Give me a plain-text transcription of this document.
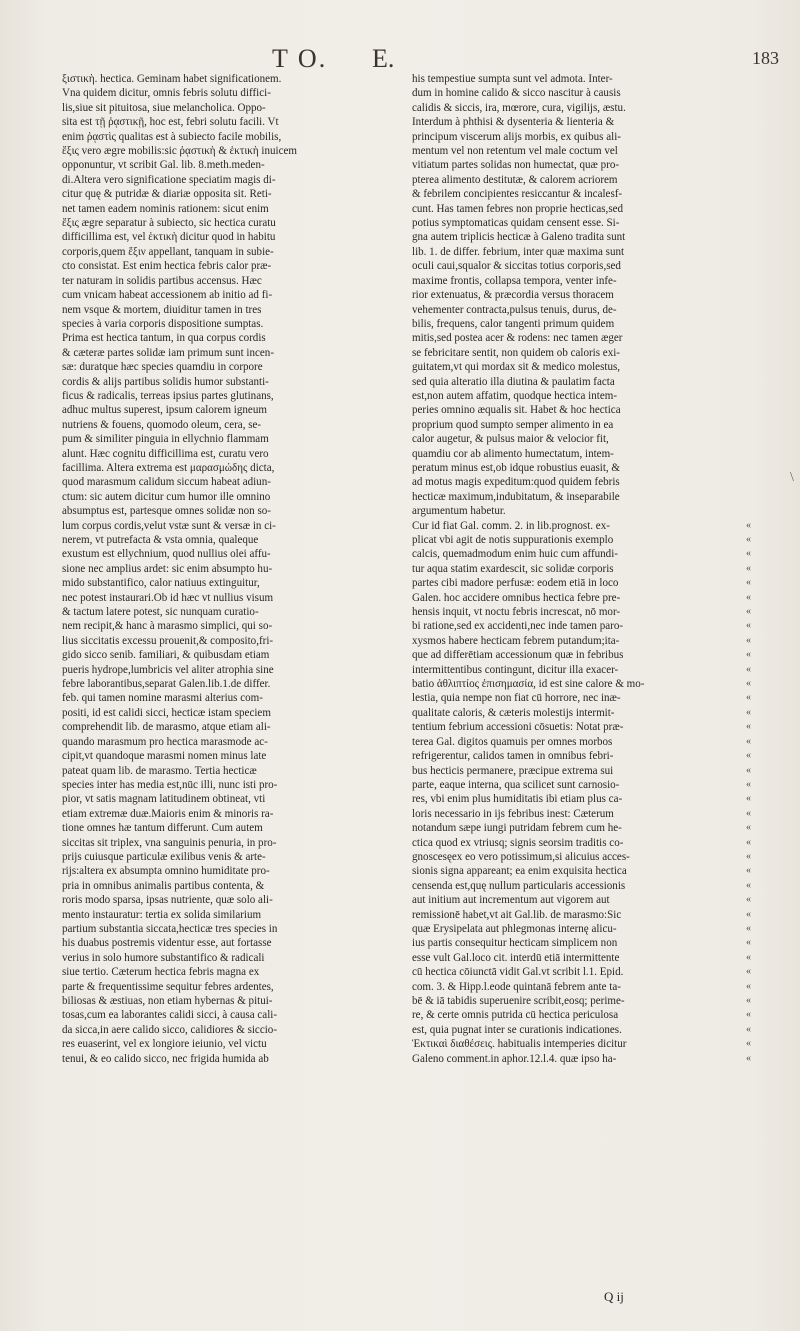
T O. E.	183
ξιστικὴ. hectica. Geminam habet significationem.
Vna quidem dicitur, omnis febris solutu diffici-
lis,siue sit pituitosa, siue melancholica. Oppo-
sita est τῇ ῥᾳστικῇ, hoc est, febri solutu facili. Vt
enim ῥᾳστὶς qualitas est à subiecto facile mobilis,
ἕξις vero ægre mobilis:sic ῥᾳστικὴ & ἑκτικὴ inuicem
opponuntur, vt scribit Gal. lib. 8.meth.meden-
di.Altera vero significatione speciatim magis di-
citur quę & putridæ & diariæ opposita sit. Reti-
net tamen eadem nominis rationem: sicut enim
ἕξις ægre separatur à subiecto, sic hectica curatu
difficillima est, vel ἑκτικὴ dicitur quod in habitu
corporis,quem ἕξιν appellant, tanquam in subie-
cto consistat. Est enim hectica febris calor præ-
ter naturam in solidis partibus accensus. Hæc
cum vnicam habeat accessionem ab initio ad fi-
nem vsque & mortem, diuiditur tamen in tres
species à varia corporis dispositione sumptas.
Prima est hectica tantum, in qua corpus cordis
& cæteræ partes solidæ iam primum sunt incen-
sæ: duratque hæc species quamdiu in corpore
cordis & alijs partibus solidis humor substanti-
ficus & radicalis, terreas ipsius partes glutinans,
adhuc multus superest, ipsum calorem igneum
nutriens & fouens, quomodo oleum, cera, se-
pum & similiter pinguia in ellychnio flammam
alunt. Hæc cognitu difficillima est, curatu vero
facillima. Altera extrema est μαρασμώδης dicta,
quod marasmum calidum siccum habeat adiun-
ctum: sic autem dicitur cum humor ille omnino
absumptus est, partesque omnes solidæ non so-
lum corpus cordis,velut vstæ sunt & versæ in ci-
nerem, vt putrefacta & vsta omnia, qualeque
exustum est ellychnium, quod nullius olei affu-
sione nec amplius ardet: sic enim absumpto hu-
mido substantifico, calor natiuus extinguitur,
nec potest instaurari.Ob id hæc vt nullius visum
& tactum latere potest, sic nunquam curatio-
nem recipit,& hanc à marasmo simplici, qui so-
lius siccitatis excessu prouenit,& composito,fri-
gido sicco senib. familiari, & quibusdam etiam
pueris hydrope,lumbricis vel aliter atrophia sine
febre laborantibus,separat Galen.lib.1.de differ.
feb. qui tamen nomine marasmi alterius com-
positi, id est calidi sicci, hecticæ istam speciem
comprehendit lib. de marasmo, atque etiam ali-
quando marasmum pro hectica marasmode ac-
cipit,vt quandoque marasmi nomen minus late
pateat quam lib. de marasmo. Tertia hecticæ
species inter has media est,nūc illi, nunc isti pro-
pior, vt satis magnam latitudinem obtineat, vti
etiam extremæ duæ.Maioris enim & minoris ra-
tione omnes hæ tantum differunt. Cum autem
siccitas sit triplex, vna sanguinis penuria, in pro-
prijs cuiusque particulæ exilibus venis & arte-
rijs:altera ex absumpta omnino humiditate pro-
pria in omnibus animalis partibus contenta, &
roris modo sparsa, ipsas nutriente, quæ solo ali-
mento instauratur: tertia ex solida similarium
partium substantia siccata,hecticæ tres species in
his duabus postremis videntur esse, aut fortasse
verius in solo humore substantifico & radicali
siue tertio. Cæterum hectica febris magna ex
parte & frequentissime sequitur febres ardentes,
biliosas & æstiuas, non etiam hybernas & pitui-
tosas,cum ea laborantes calidi sicci, à causa cali-
da sicca,in aere calido sicco, calidiores & siccio-
res euaserint, vel ex longiore ieiunio, vel victu
tenui, & eo calido sicco, nec frigida humida ab
his tempestiue sumpta sunt vel admota. Inter-
dum in homine calido & sicco nascitur à causis
calidis & siccis, ira, mœrore, cura, vigilijs, æstu.
Interdum à phthisi & dysenteria & lienteria &
principum viscerum alijs morbis, ex quibus ali-
mentum vel non retentum vel male coctum vel
vitiatum partes solidas non humectat, quæ pro-
pterea alimento destitutæ, & calorem acriorem
& febrilem concipientes resiccantur & incalesf-
cunt. Has tamen febres non proprie hecticas,sed
potius symptomaticas quidam censent esse. Si-
gna autem triplicis hecticæ à Galeno tradita sunt
lib. 1. de differ. febrium, inter quæ maxima sunt
oculi caui,squalor & siccitas totius corporis,sed
maxime frontis, collapsa tempora, venter infe-
rior extenuatus, & præcordia versus thoracem
vehementer contracta,pulsus tenuis, durus, de-
bilis, frequens, calor tangenti primum quidem
mitis,sed postea acer & rodens: nec tamen æger
se febricitare sentit, non quidem ob caloris exi-
guitatem,vt qui mordax sit & medico molestus,
sed quia alteratio illa diutina & paulatim facta
est,non autem affatim, quodque hectica intem-
peries omnino æqualis sit. Habet & hoc hectica
proprium quod sumpto semper alimento in ea
calor augetur, & pulsus maior & velocior fit,
quamdiu cor ab alimento humectatum, intem-
peratum minus est,ob idque robustius euasit, &
ad motus magis expeditum:quod quidem febris
hecticæ maximum,indubitatum, & inseparabile
argumentum habetur.
Cur id fiat Gal. comm. 2. in lib.prognost. ex-
plicat vbi agit de notis suppurationis exemplo
calcis, quemadmodum enim huic cum affundi-
tur aqua statim exardescit, sic solidæ corporis
partes cibi madore perfusæ: eodem etiā in loco
Galen. hoc accidere omnibus hectica febre pre-
hensis inquit, vt noctu febris increscat, nō mor-
bi ratione,sed ex accidenti,nec inde tamen paro-
xysmos habere hecticam febrem putandum;ita-
que ad differētiam accessionum quæ in febribus
intermittentibus contingunt, dicitur illa exacer-
batio ἀθλιπτίος ἐπισημασία, id est sine calore & mo-
lestia, quia nempe non fiat cū horrore, nec inæ-
qualitate caloris, & cæteris molestijs intermit-
tentium febrium accessioni cōsuetis: Notat præ-
terea Gal. digitos quamuis per omnes morbos
refrigerentur, calidos tamen in omnibus febri-
bus hecticis permanere, præcipue extrema sui
parte, eaque interna, qua scilicet sunt carnosio-
res, vbi enim plus humiditatis ibi etiam plus ca-
loris necessario in ijs febribus inest: Cæterum
notandum sæpe iungi putridam febrem cum he-
ctica quod ex vtriusq; signis seorsim traditis co-
gnoscesęex eo vero potissimum,si alicuius acces-
sionis signa appareant; ea enim exquisita hectica
censenda est,quę nullum particularis accessionis
aut initium aut incrementum aut vigorem aut
remissionē habet,vt ait Gal.lib. de marasmo:Sic
quæ Erysipelata aut phlegmonas internę alicu-
ius partis consequitur hecticam simplicem non
esse vult Gal.loco cit. interdū etiā intermittente
cū hectica cōiunctā vidit Gal.vt scribit l.1. Epid.
com. 3. & Hipp.l.eode quintanā febrem ante ta-
bē & iā tabidis superuenire scribit,eosq; perime-
re, & certe omnis putrida cū hectica periculosa
est, quia pugnat inter se curationis indicationes.
Ἑκτικαὶ διαθέσεις. habitualis intemperies dicitur
Galeno comment.in aphor.12.l.4. quæ ipso ha-
«
«
«
«
«
«
«
«
«
«
«
«
«
«
«
«
«
«
«
«
«
«
«
«
«
«
«
«
«
«
«
«
«
«
«
«
«
«
\
Q ij
